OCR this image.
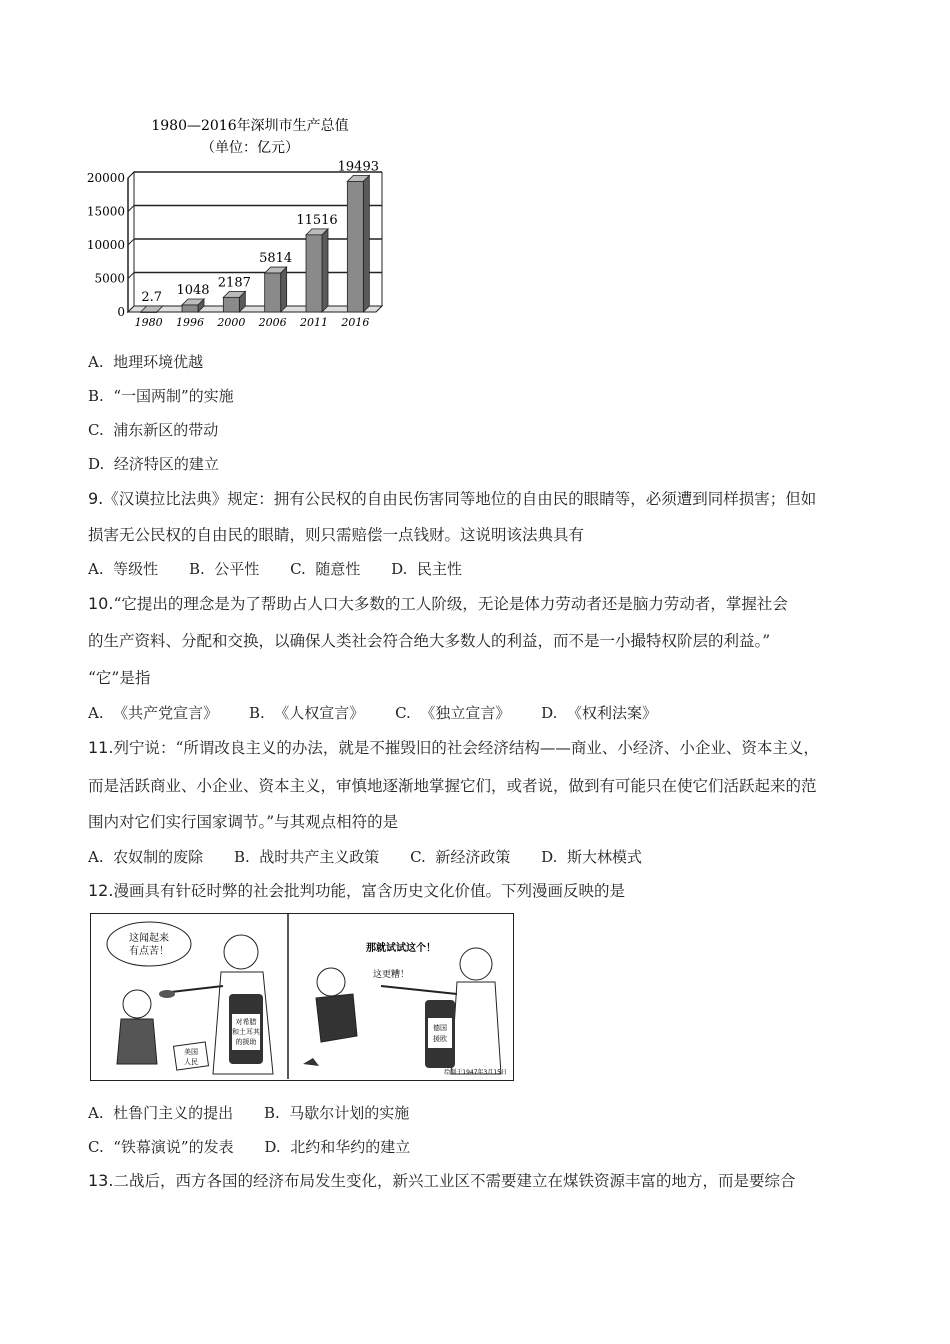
1980—2016年深圳市生产总值
（单位：亿元）
0
5000
10000
15000
20000
2.7
1980
1048
1996
2187
2000
5814
2006
11516
2011
19493
2016
A. 地理环境优越
B. “一国两制”的实施
C. 浦东新区的带动
D. 经济特区的建立
9.《汉谟拉比法典》规定：拥有公民权的自由民伤害同等地位的自由民的眼睛等，必须遭到同样损害；但如
损害无公民权的自由民的眼睛，则只需赔偿一点钱财。这说明该法典具有
A. 等级性 B. 公平性 C. 随意性 D. 民主性
10.“它提出的理念是为了帮助占人口大多数的工人阶级，无论是体力劳动者还是脑力劳动者，掌握社会
的生产资料、分配和交换，以确保人类社会符合绝大多数人的利益，而不是一小撮特权阶层的利益。”
“它”是指
A. 《共产党宣言》 B. 《人权宣言》 C. 《独立宣言》 D. 《权利法案》
11.列宁说：“所谓改良主义的办法，就是不摧毁旧的社会经济结构——商业、小经济、小企业、资本主义，
而是活跃商业、小企业、资本主义，审慎地逐渐地掌握它们，或者说，做到有可能只在使它们活跃起来的范
围内对它们实行国家调节。”与其观点相符的是
A. 农奴制的废除 B. 战时共产主义政策 C. 新经济政策 D. 斯大林模式
12.漫画具有针砭时弊的社会批判功能，富含历史文化价值。下列漫画反映的是
这闻起来
有点苦！
对希腊
和土耳其
的援助
美国
人民
那就试试这个！
这更糟！
德国
援欧
绘制于1947年3月15日
A. 杜鲁门主义的提出 B. 马歇尔计划的实施
C. “铁幕演说”的发表 D. 北约和华约的建立
13.二战后，西方各国的经济布局发生变化，新兴工业区不需要建立在煤铁资源丰富的地方，而是要综合
